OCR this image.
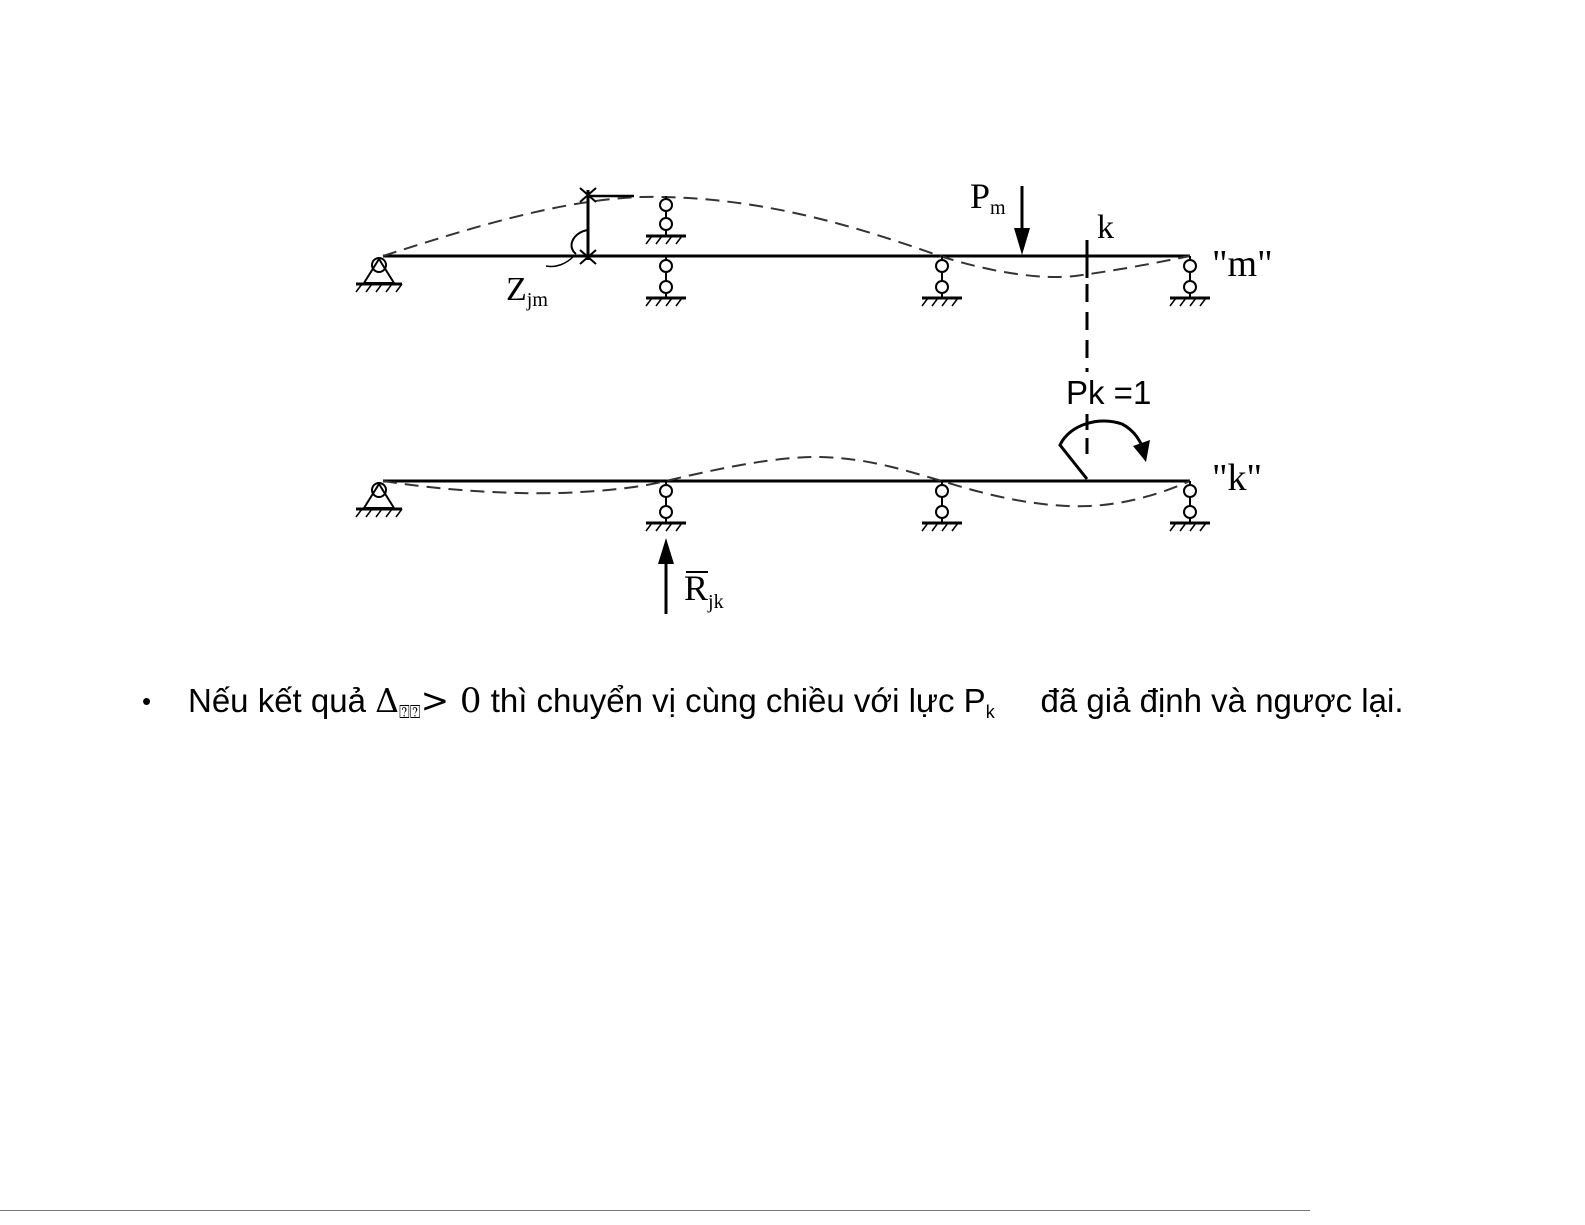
Zjm
Pm
k
"m"
Pk =1
$R_{jk}$
"k"
• Nếu kết quả $\Delta_{⍰⍰}> 0$ thì chuyển vị cùng chiều với lực $P_k$ đã giả định và ngược lại.
